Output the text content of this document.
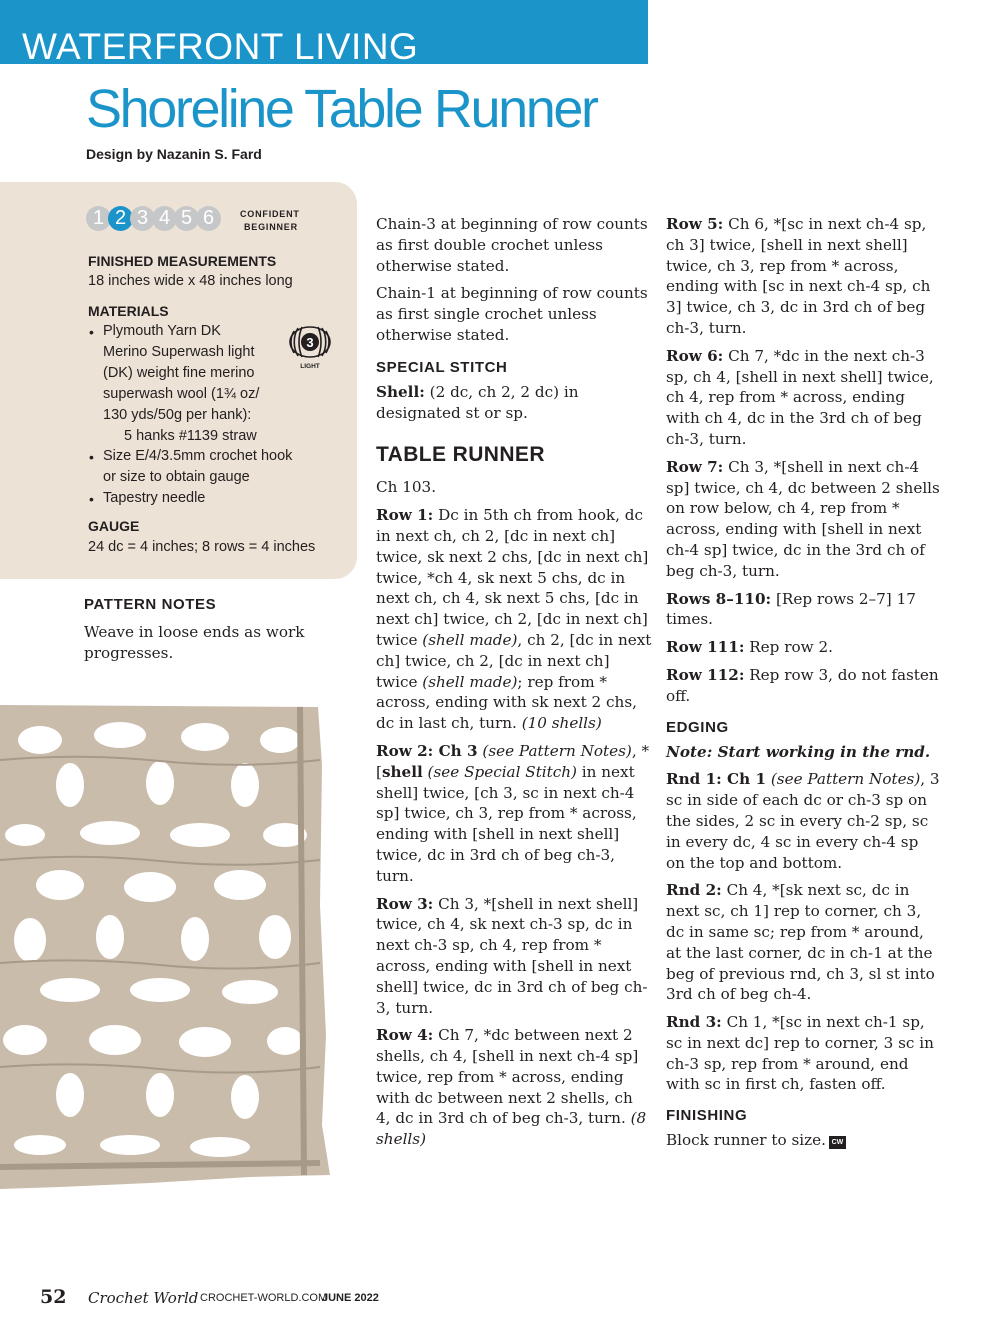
WATERFRONT LIVING
Shoreline Table Runner
Design by Nazanin S. Fard
1 2 3 4 5 6	CONFIDENT
BEGINNER
FINISHED MEASUREMENTS
18 inches wide x 48 inches long
MATERIALS
• Plymouth Yarn DK
Merino Superwash light
(DK) weight fine merino
superwash wool (1¾ oz/
130 yds/50g per hank):
5 hanks #1139 straw
• Size E/4/3.5mm crochet hook
or size to obtain gauge
• Tapestry needle
3
LIGHT
GAUGE
24 dc = 4 inches; 8 rows = 4 inches
PATTERN NOTES

Weave in loose ends as work progresses.

Chain-3 at beginning of row counts as first double crochet unless otherwise stated.

Chain-1 at beginning of row counts as first single crochet unless otherwise stated.

SPECIAL STITCH

Shell: (2 dc, ch 2, 2 dc) in designated st or sp.

TABLE RUNNER

Ch 103.

Row 1: Dc in 5th ch from hook, dc in next ch, ch 2, [dc in next ch] twice, sk next 2 chs, [dc in next ch] twice, *ch 4, sk next 5 chs, dc in next ch, ch 4, sk next 5 chs, [dc in next ch] twice, ch 2, [dc in next ch] twice (shell made), ch 2, [dc in next ch] twice, ch 2, [dc in next ch] twice (shell made); rep from * across, ending with sk next 2 chs, dc in last ch, turn. (10 shells)

Row 2: Ch 3 (see Pattern Notes), *[shell (see Special Stitch) in next shell] twice, [ch 3, sc in next ch-4 sp] twice, ch 3, rep from * across, ending with [shell in next shell] twice, dc in 3rd ch of beg ch-3, turn.

Row 3: Ch 3, *[shell in next shell] twice, ch 4, sk next ch-3 sp, dc in next ch-3 sp, ch 4, rep from * across, ending with [shell in next shell] twice, dc in 3rd ch of beg ch-3, turn.

Row 4: Ch 7, *dc between next 2 shells, ch 4, [shell in next ch-4 sp] twice, rep from * across, ending with dc between next 2 shells, ch 4, dc in 3rd ch of beg ch-3, turn. (8 shells)

Row 5: Ch 6, *[sc in next ch-4 sp, ch 3] twice, [shell in next shell] twice, ch 3, rep from * across, ending with [sc in next ch-4 sp, ch 3] twice, ch 3, dc in 3rd ch of beg ch-3, turn.

Row 6: Ch 7, *dc in the next ch-3 sp, ch 4, [shell in next shell] twice, ch 4, rep from * across, ending with ch 4, dc in the 3rd ch of beg ch-3, turn.

Row 7: Ch 3, *[shell in next ch-4 sp] twice, ch 4, dc between 2 shells on row below, ch 4, rep from * across, ending with [shell in next ch-4 sp] twice, dc in the 3rd ch of beg ch-3, turn.

Rows 8–110: [Rep rows 2–7] 17 times.

Row 111: Rep row 2.

Row 112: Rep row 3, do not fasten off.

EDGING

Note: Start working in the rnd.

Rnd 1: Ch 1 (see Pattern Notes), 3 sc in side of each dc or ch-3 sp on the sides, 2 sc in every ch-2 sp, sc in every dc, 4 sc in every ch-4 sp on the top and bottom.

Rnd 2: Ch 4, *[sk next sc, dc in next sc, ch 1] rep to corner, ch 3, dc in same sc; rep from * around, at the last corner, dc in ch-1 at the beg of previous rnd, ch 3, sl st into 3rd ch of beg ch-4.

Rnd 3: Ch 1, *[sc in next ch-1 sp, sc in next dc] rep to corner, 3 sc in ch-3 sp, rep from * around, end with sc in first ch, fasten off.

FINISHING

Block runner to size. CW

52 Crochet World CROCHET-WORLD.COM
JUNE 2022
